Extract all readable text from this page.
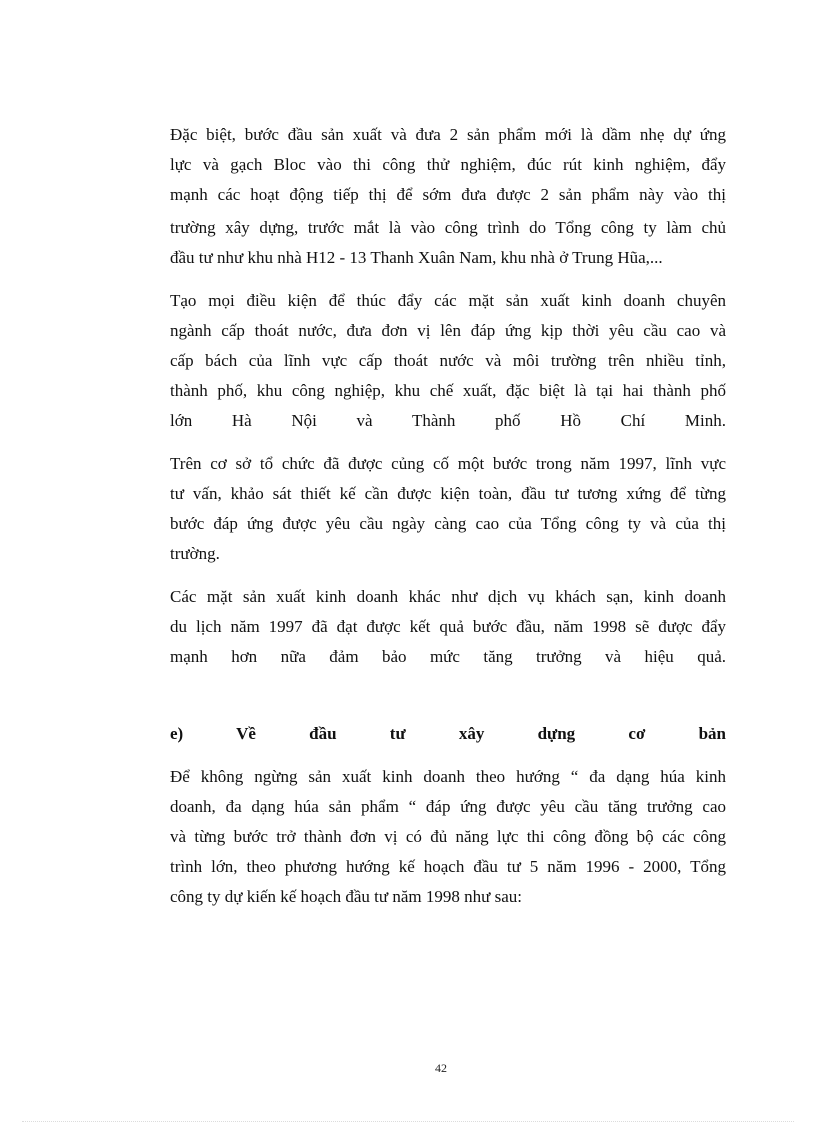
Đặc biệt, bước đầu sản xuất và đưa 2 sản phẩm mới là dầm nhẹ dự ứng
lực và gạch Bloc vào thi công thử nghiệm, đúc rút kinh nghiệm, đẩy
mạnh các hoạt động tiếp thị để sớm đưa được 2 sản phẩm này vào thị
trường xây dựng, trước mắt là vào công trình do Tổng công ty làm chủ
đầu tư như khu nhà H12 - 13 Thanh Xuân Nam, khu nhà ở Trung Hũa,...

Tạo mọi điều kiện để thúc đẩy các mặt sản xuất kinh doanh chuyên
ngành cấp thoát nước, đưa đơn vị lên đáp ứng kịp thời yêu cầu cao và
cấp bách của lĩnh vực cấp thoát nước và môi trường trên nhiều tỉnh,
thành phố, khu công nghiệp, khu chế xuất, đặc biệt là tại hai thành phố
lớn Hà Nội và Thành phố Hồ Chí Minh.

Trên cơ sở tổ chức đã được củng cố một bước trong năm 1997, lĩnh vực
tư vấn, khảo sát thiết kế cần được kiện toàn, đầu tư tương xứng để từng
bước đáp ứng được yêu cầu ngày càng cao của Tổng công ty và của thị
trường.

Các mặt sản xuất kinh doanh khác như dịch vụ khách sạn, kinh doanh
du lịch năm 1997 đã đạt được kết quả bước đầu, năm 1998 sẽ được đẩy
mạnh hơn nữa đảm bảo mức tăng trưởng và hiệu quả.

e) Về đầu tư xây dựng cơ bản

Để không ngừng sản xuất kinh doanh theo hướng “ đa dạng húa kinh
doanh, đa dạng húa sản phẩm “ đáp ứng được yêu cầu tăng trưởng cao
và từng bước trở thành đơn vị có đủ năng lực thi công đồng bộ các công
trình lớn, theo phương hướng kế hoạch đầu tư 5 năm 1996 - 2000, Tổng
công ty dự kiến kế hoạch đầu tư năm 1998 như sau:

42
